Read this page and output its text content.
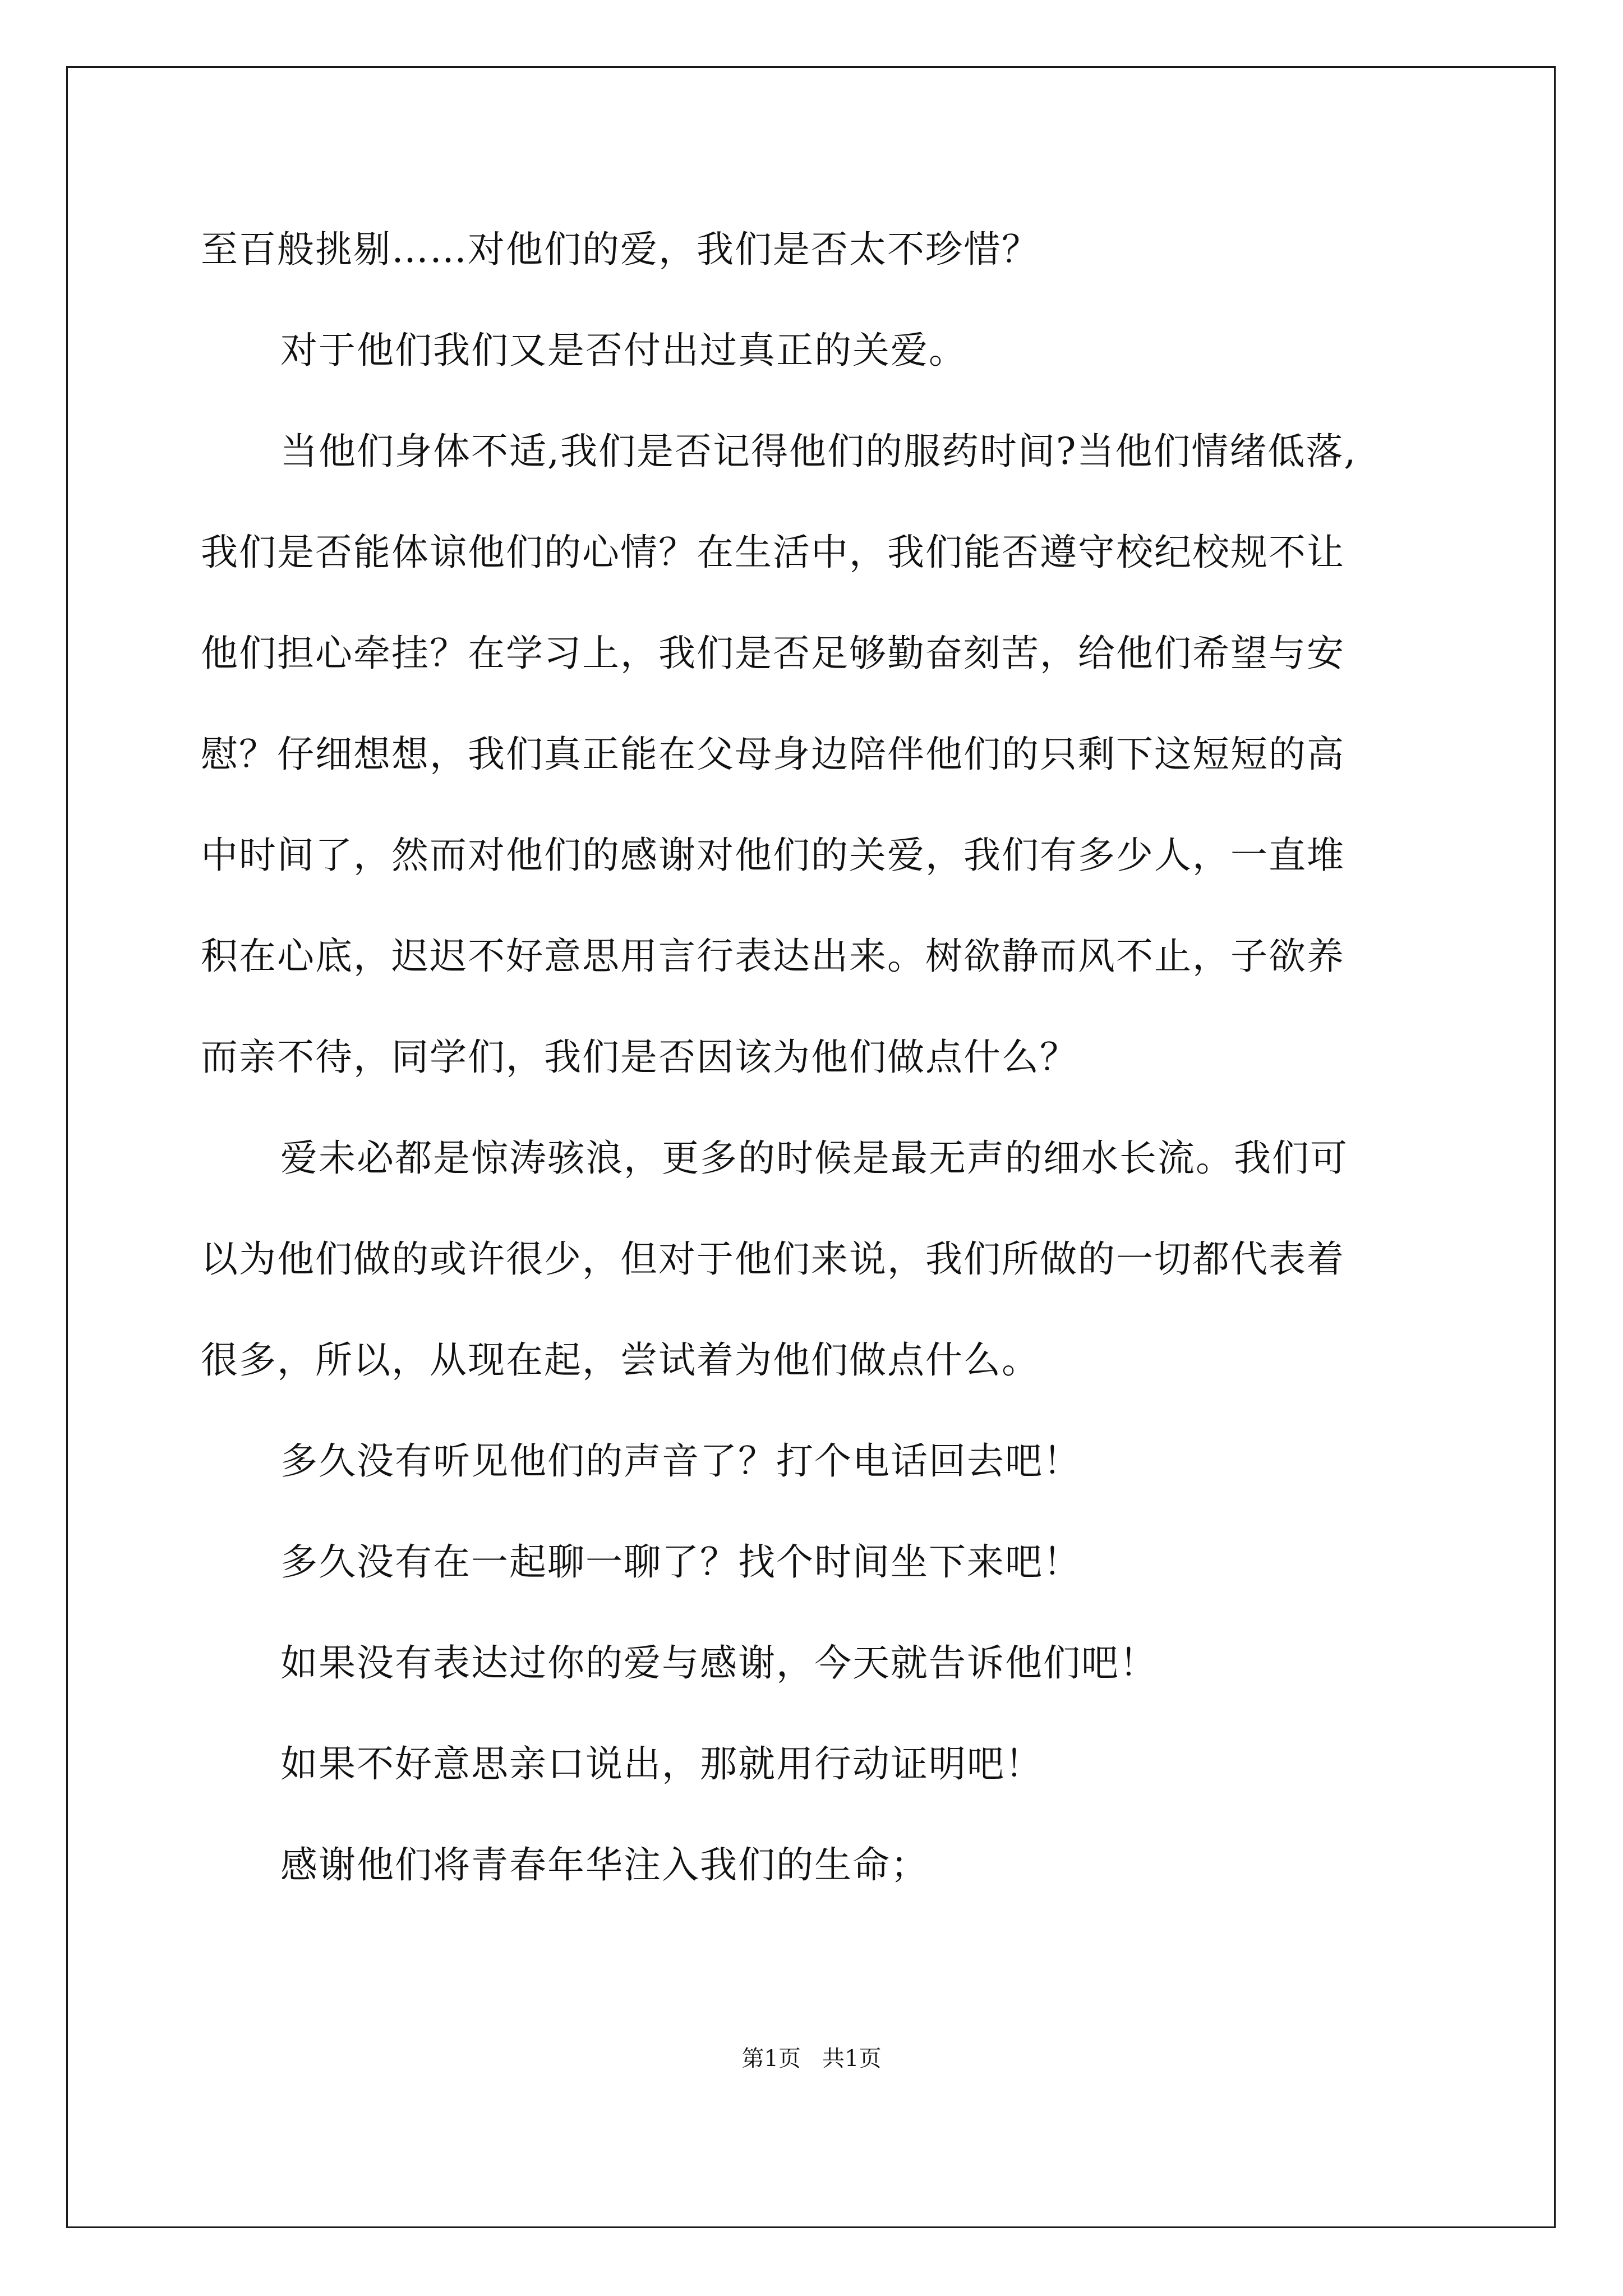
至百般挑剔……对他们的爱，我们是否太不珍惜？
对于他们我们又是否付出过真正的关爱。
当他们身体不适,我们是否记得他们的服药时间?当他们情绪低落,
我们是否能体谅他们的心情？在生活中，我们能否遵守校纪校规不让
他们担心牵挂？在学习上，我们是否足够勤奋刻苦，给他们希望与安
慰？仔细想想，我们真正能在父母身边陪伴他们的只剩下这短短的高
中时间了，然而对他们的感谢对他们的关爱，我们有多少人，一直堆
积在心底，迟迟不好意思用言行表达出来。树欲静而风不止，子欲养
而亲不待，同学们，我们是否因该为他们做点什么？
爱未必都是惊涛骇浪，更多的时候是最无声的细水长流。我们可
以为他们做的或许很少，但对于他们来说，我们所做的一切都代表着
很多，所以，从现在起，尝试着为他们做点什么。
多久没有听见他们的声音了？打个电话回去吧！
多久没有在一起聊一聊了？找个时间坐下来吧！
如果没有表达过你的爱与感谢，今天就告诉他们吧！
如果不好意思亲口说出，那就用行动证明吧！
感谢他们将青春年华注入我们的生命；
第1页   共1页
